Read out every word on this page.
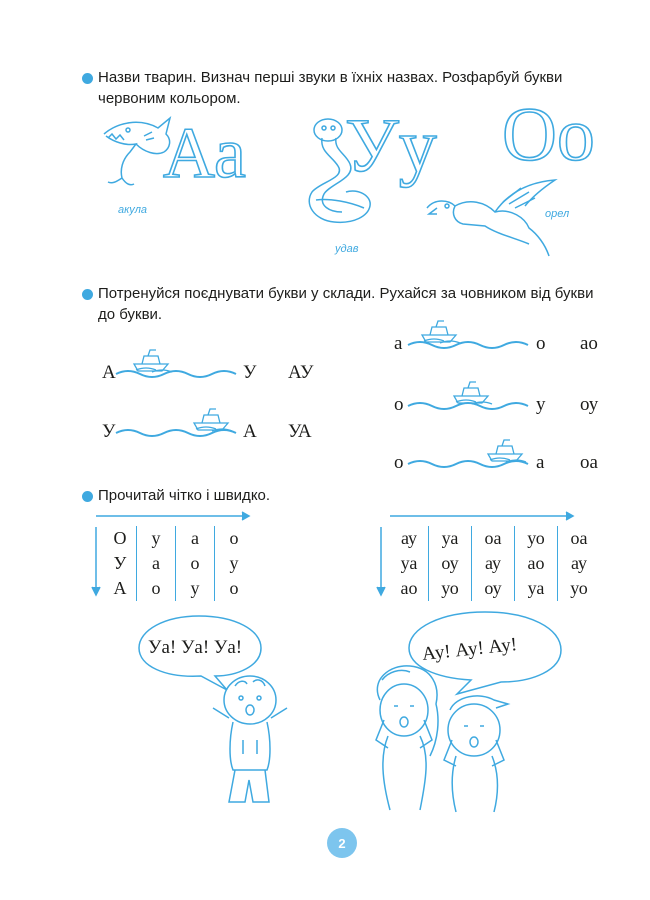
Назви тварин. Визнач перші звуки в їхніх назвах. Розфарбуй букви червоним кольором.
Аа
акула
Уу
удав
Оо
орел
Потренуйся поєднувати букви у склади. Рухайся за човником від букви до букви.
А	У АУ
У	А УА
а	о ао
о	у оу
о	а оа
Прочитай чітко і швидко.
О	у	а	о
У	а	о	у
А	о	у	о
ау	уа	оа	уо	оа
уа	оу	ау	ао	ау
ао	уо	оу	уа	уо
Уа! Уа! Уа!	Ау! Ау! Ау!
2
